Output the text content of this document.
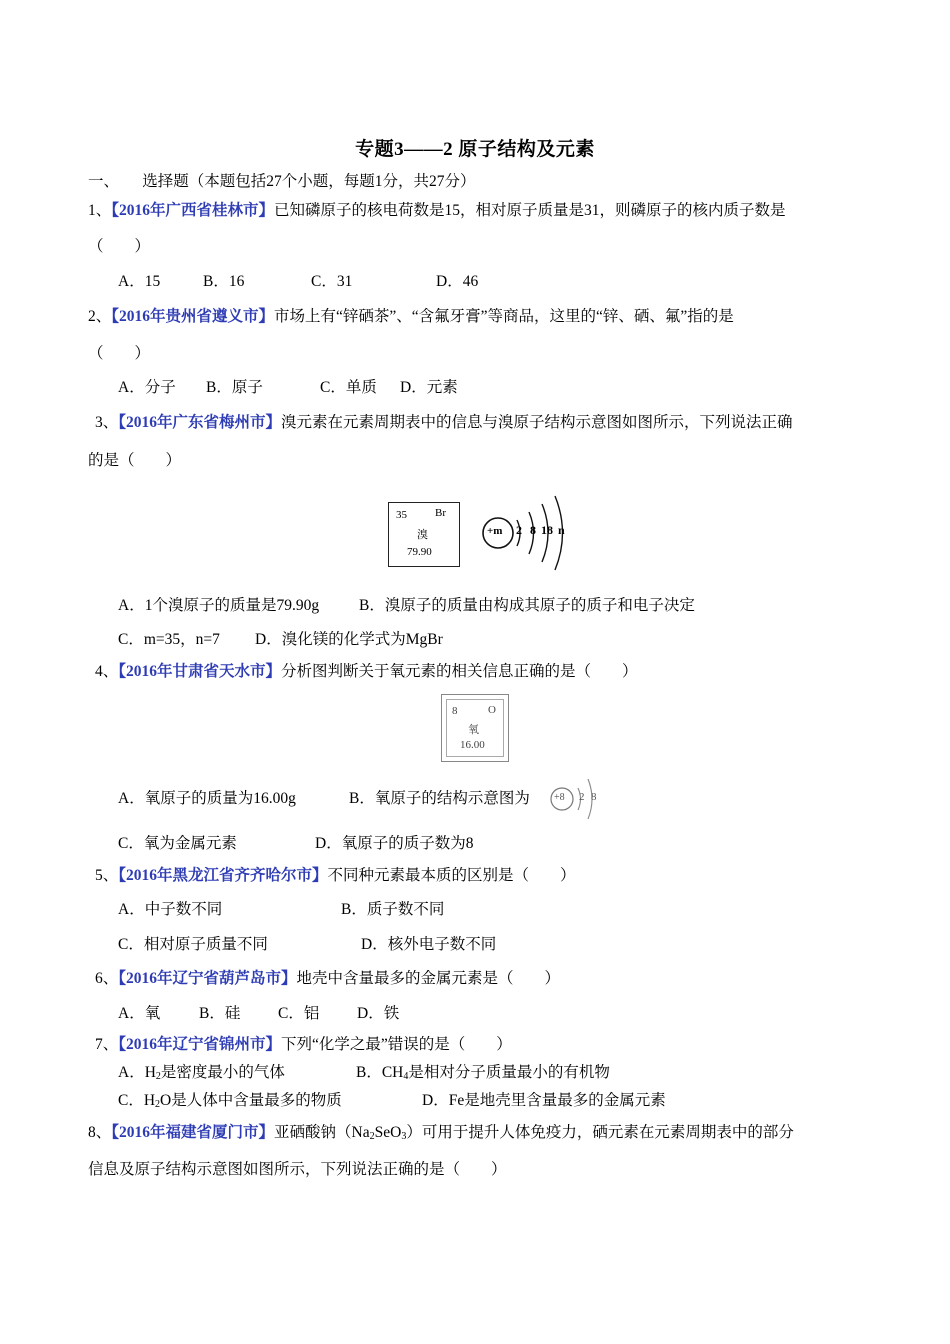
专题3——2 原子结构及元素
一、　　选择题（本题包括27个小题，每题1分，共27分）
1、【2016年广西省桂林市】已知磷原子的核电荷数是15，相对原子质量是31，则磷原子的核内质子数是
（　　）
A．15	B．16	C．31	D．46
2、【2016年贵州省遵义市】市场上有“锌硒茶”、“含氟牙膏”等商品，这里的“锌、硒、氟”指的是
（　　）
A．分子 B．原子	C．单质 D．元素
3、【2016年广东省梅州市】溴元素在元素周期表中的信息与溴原子结构示意图如图所示，下列说法正确
的是（　　）
35	Br
溴
79.90
+m 2 8 18 n
A．1个溴原子的质量是79.90g	B．溴原子的质量由构成其原子的质子和电子决定
C．m=35，n=7 D．溴化镁的化学式为MgBr
4、【2016年甘肃省天水市】分析图判断关于氧元素的相关信息正确的是（　　）
8	O
氧
16.00
A．氧原子的质量为16.00g	B．氧原子的结构示意图为 +8 2 8
C．氧为金属元素	D．氧原子的质子数为8
5、【2016年黑龙江省齐齐哈尔市】不同种元素最本质的区别是（　　）
A．中子数不同	B．质子数不同
C．相对原子质量不同	D．核外电子数不同
6、【2016年辽宁省葫芦岛市】地壳中含量最多的金属元素是（　　）
A．氧	B．硅 C．铝 D．铁
7、【2016年辽宁省锦州市】下列“化学之最”错误的是（　　）
A．$H_2$是密度最小的气体	B．$CH_4$是相对分子质量最小的有机物
C．$H_2O$是人体中含量最多的物质	D．Fe是地壳里含量最多的金属元素
8、【2016年福建省厦门市】亚硒酸钠$(Na_2SeO_3)$可用于提升人体免疫力，硒元素在元素周期表中的部分
信息及原子结构示意图如图所示，下列说法正确的是（　　）
